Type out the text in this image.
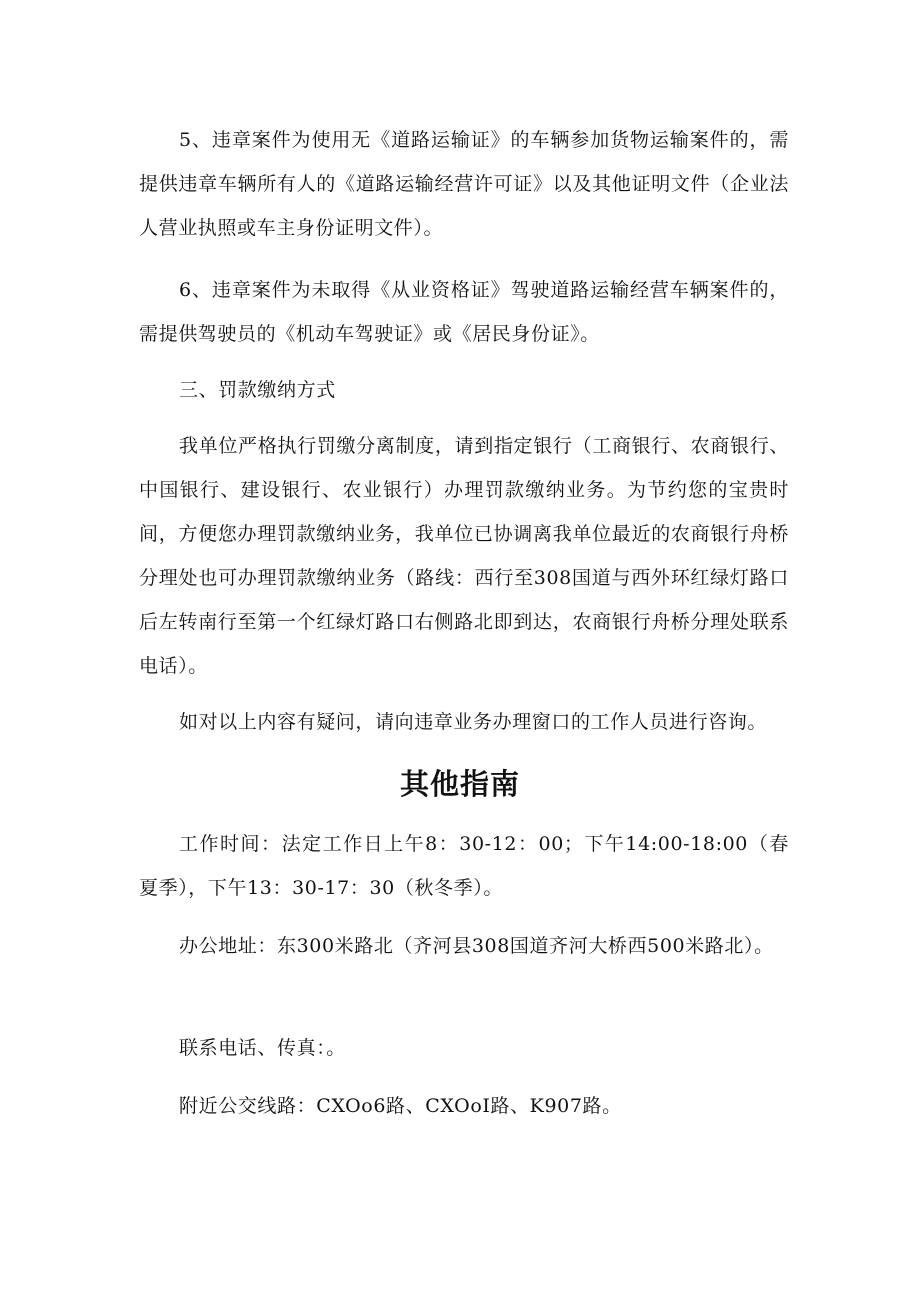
5、违章案件为使用无《道路运输证》的车辆参加货物运输案件的，需提供违章车辆所有人的《道路运输经营许可证》以及其他证明文件（企业法人营业执照或车主身份证明文件）。

6、违章案件为未取得《从业资格证》驾驶道路运输经营车辆案件的，需提供驾驶员的《机动车驾驶证》或《居民身份证》。

三、罚款缴纳方式

我单位严格执行罚缴分离制度，请到指定银行（工商银行、农商银行、中国银行、建设银行、农业银行）办理罚款缴纳业务。为节约您的宝贵时间，方便您办理罚款缴纳业务，我单位已协调离我单位最近的农商银行舟桥分理处也可办理罚款缴纳业务（路线：西行至308国道与西外环红绿灯路口后左转南行至第一个红绿灯路口右侧路北即到达，农商银行舟桥分理处联系电话）。

如对以上内容有疑问，请向违章业务办理窗口的工作人员进行咨询。

其他指南

工作时间：法定工作日上午8：30-12：00；下午14:00-18:00（春夏季），下午13：30-17：30（秋冬季）。

办公地址：东300米路北（齐河县308国道齐河大桥西500米路北）。

联系电话、传真：。

附近公交线路：CXOo6路、CXOoI路、K907路。
